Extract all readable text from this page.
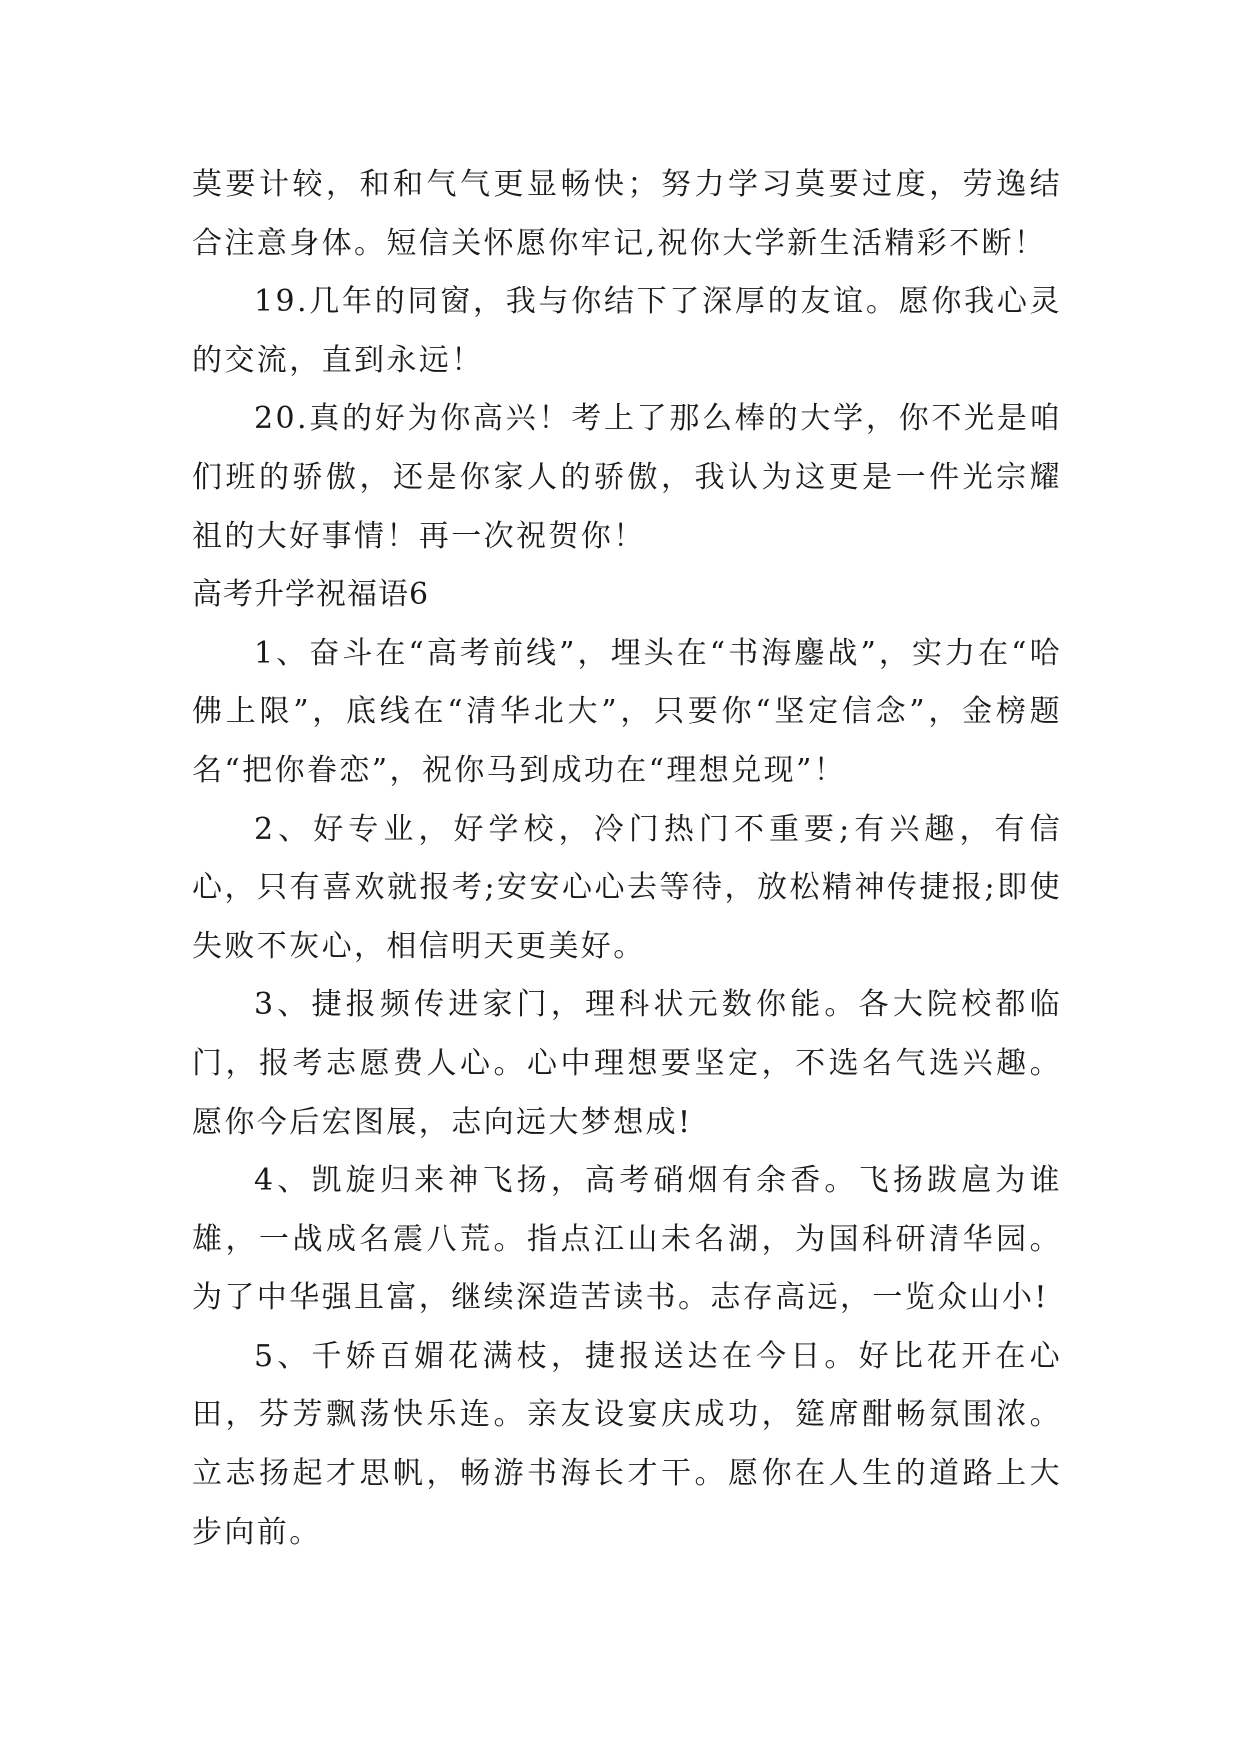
莫要计较，和和气气更显畅快；努力学习莫要过度，劳逸结合注意身体。短信关怀愿你牢记,祝你大学新生活精彩不断！

19.几年的同窗，我与你结下了深厚的友谊。愿你我心灵的交流，直到永远！

20.真的好为你高兴！考上了那么棒的大学，你不光是咱们班的骄傲，还是你家人的骄傲，我认为这更是一件光宗耀祖的大好事情！再一次祝贺你！

高考升学祝福语6

1、奋斗在“高考前线”，埋头在“书海鏖战”，实力在“哈佛上限”，底线在“清华北大”，只要你“坚定信念”，金榜题名“把你眷恋”，祝你马到成功在“理想兑现”！

2、好专业，好学校，冷门热门不重要;有兴趣，有信心，只有喜欢就报考;安安心心去等待，放松精神传捷报;即使失败不灰心，相信明天更美好。

3、捷报频传进家门，理科状元数你能。各大院校都临门，报考志愿费人心。心中理想要坚定，不选名气选兴趣。愿你今后宏图展，志向远大梦想成!

4、凯旋归来神飞扬，高考硝烟有余香。飞扬跋扈为谁雄，一战成名震八荒。指点江山未名湖，为国科研清华园。为了中华强且富，继续深造苦读书。志存高远，一览众山小!

5、千娇百媚花满枝，捷报送达在今日。好比花开在心田，芬芳飘荡快乐连。亲友设宴庆成功，筵席酣畅氛围浓。立志扬起才思帆，畅游书海长才干。愿你在人生的道路上大步向前。
